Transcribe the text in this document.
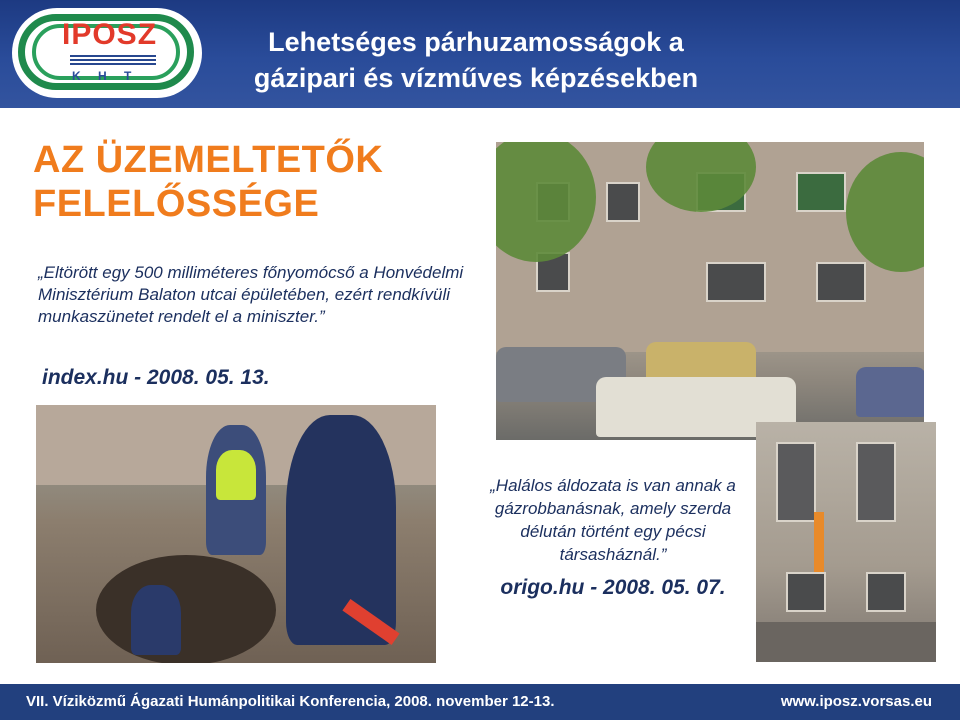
IPOSZ
K H T
Lehetséges párhuzamosságok a
gázipari és vízműves képzésekben
AZ ÜZEMELTETŐK
FELELŐSSÉGE
„Eltörött egy 500 milliméteres főnyomócső a Honvédelmi Minisztérium Balaton utcai épületében, ezért rendkívüli munkaszünetet rendelt el a miniszter.”
index.hu - 2008. 05. 13.
„Halálos áldozata is van annak a gázrobbanásnak, amely szerda délután történt egy pécsi társasháznál.”
origo.hu - 2008. 05. 07.
VII. Víziközmű Ágazati Humánpolitikai Konferencia, 2008. november 12-13.	www.iposz.vorsas.eu
